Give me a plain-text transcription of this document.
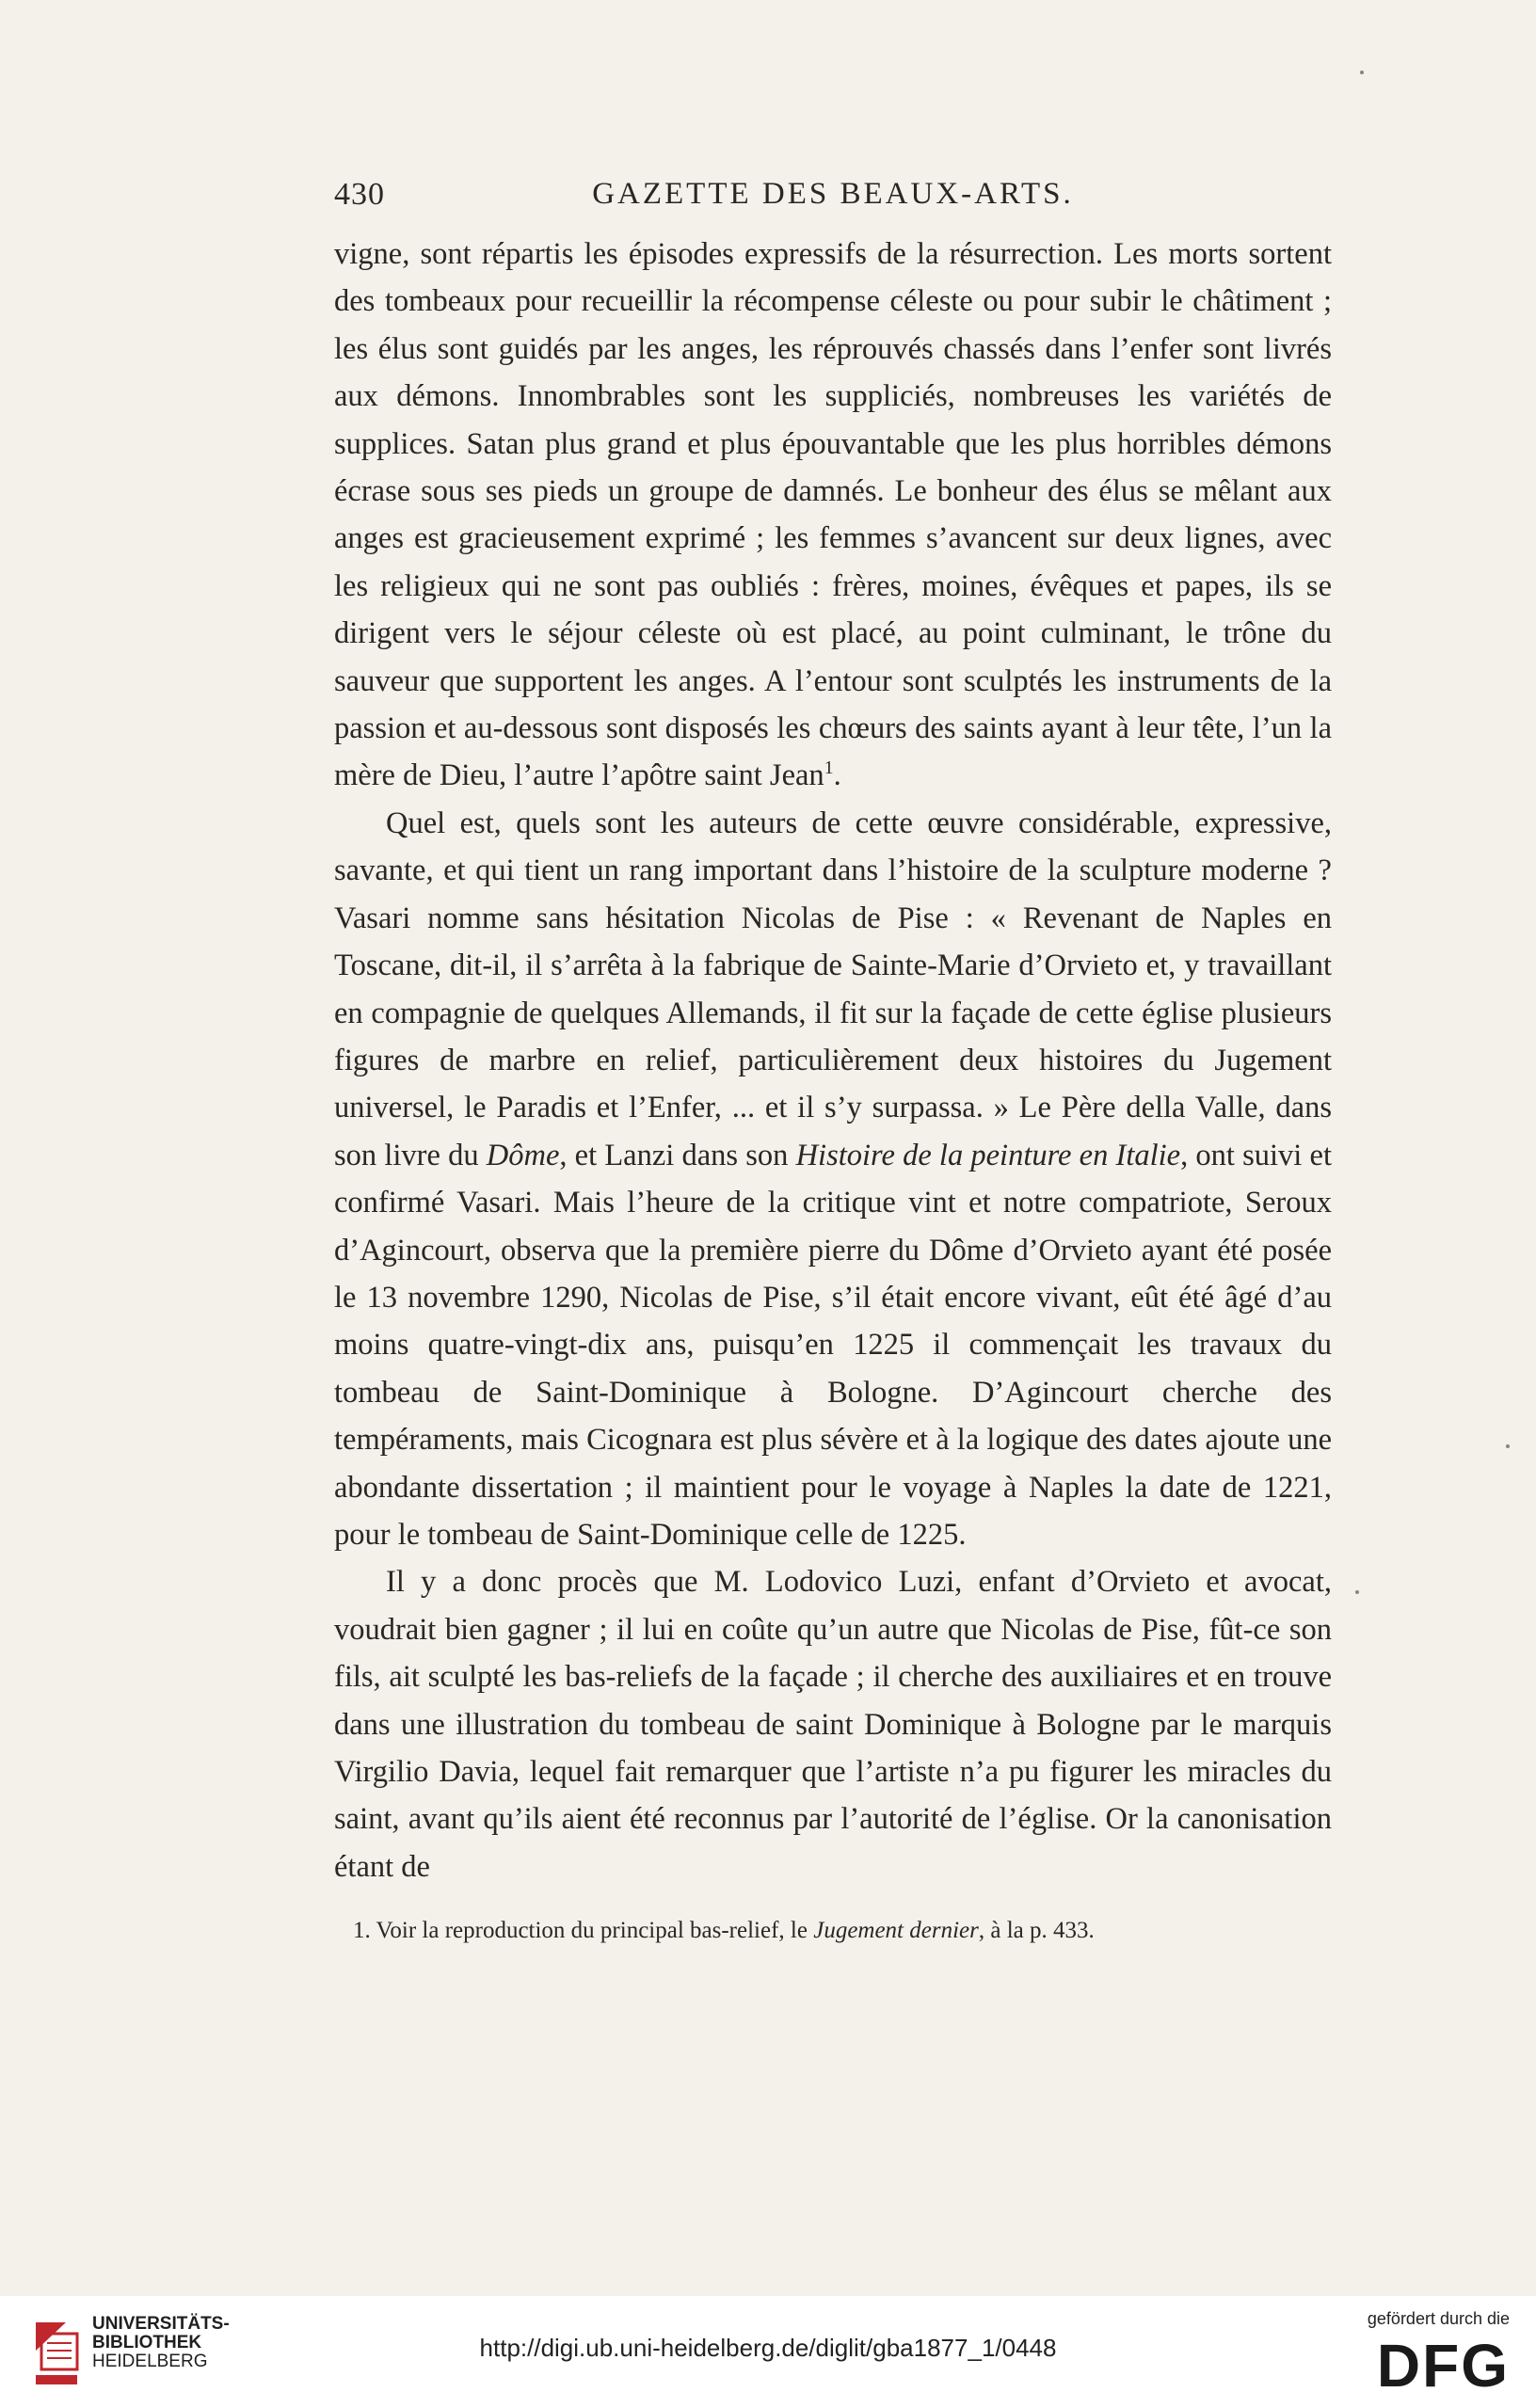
430	GAZETTE DES BEAUX-ARTS.

vigne, sont répartis les épisodes expressifs de la résurrection. Les morts sortent des tombeaux pour recueillir la récompense céleste ou pour subir le châtiment ; les élus sont guidés par les anges, les réprouvés chassés dans l’enfer sont livrés aux démons. Innombrables sont les suppliciés, nombreuses les variétés de supplices. Satan plus grand et plus épouvantable que les plus horribles démons écrase sous ses pieds un groupe de damnés. Le bonheur des élus se mêlant aux anges est gracieusement exprimé ; les femmes s’avancent sur deux lignes, avec les religieux qui ne sont pas oubliés : frères, moines, évêques et papes, ils se dirigent vers le séjour céleste où est placé, au point culminant, le trône du sauveur que supportent les anges. A l’entour sont sculptés les instruments de la passion et au-dessous sont disposés les chœurs des saints ayant à leur tête, l’un la mère de Dieu, l’autre l’apôtre saint Jean$^1$.

Quel est, quels sont les auteurs de cette œuvre considérable, expressive, savante, et qui tient un rang important dans l’histoire de la sculpture moderne ? Vasari nomme sans hésitation Nicolas de Pise : « Revenant de Naples en Toscane, dit-il, il s’arrêta à la fabrique de Sainte-Marie d’Orvieto et, y travaillant en compagnie de quelques Allemands, il fit sur la façade de cette église plusieurs figures de marbre en relief, particulièrement deux histoires du Jugement universel, le Paradis et l’Enfer, ... et il s’y surpassa. » Le Père della Valle, dans son livre du Dôme, et Lanzi dans son Histoire de la peinture en Italie, ont suivi et confirmé Vasari. Mais l’heure de la critique vint et notre compatriote, Seroux d’Agincourt, observa que la première pierre du Dôme d’Orvieto ayant été posée le 13 novembre 1290, Nicolas de Pise, s’il était encore vivant, eût été âgé d’au moins quatre-vingt-dix ans, puisqu’en 1225 il commençait les travaux du tombeau de Saint-Dominique à Bologne. D’Agincourt cherche des tempéraments, mais Cicognara est plus sévère et à la logique des dates ajoute une abondante dissertation ; il maintient pour le voyage à Naples la date de 1221, pour le tombeau de Saint-Dominique celle de 1225.

Il y a donc procès que M. Lodovico Luzi, enfant d’Orvieto et avocat, voudrait bien gagner ; il lui en coûte qu’un autre que Nicolas de Pise, fût-ce son fils, ait sculpté les bas-reliefs de la façade ; il cherche des auxiliaires et en trouve dans une illustration du tombeau de saint Dominique à Bologne par le marquis Virgilio Davia, lequel fait remarquer que l’artiste n’a pu figurer les miracles du saint, avant qu’ils aient été reconnus par l’autorité de l’église. Or la canonisation étant de

1. Voir la reproduction du principal bas-relief, le Jugement dernier, à la p. 433.
UNIVERSITÄTS-
BIBLIOTHEK
HEIDELBERG	http://digi.ub.uni-heidelberg.de/diglit/gba1877_1/0448
gefördert durch die
DFG
